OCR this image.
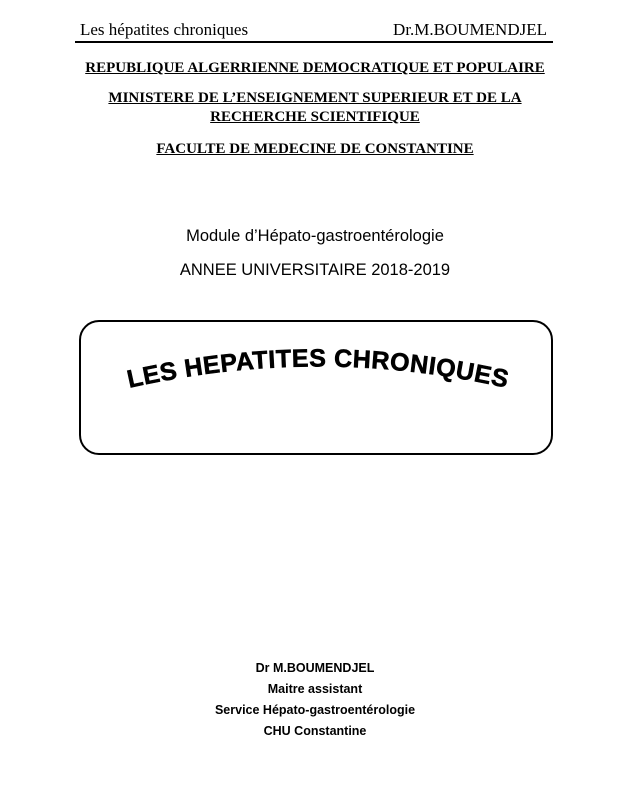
Les hépatites chroniques	Dr.M.BOUMENDJEL
REPUBLIQUE ALGERRIENNE DEMOCRATIQUE ET POPULAIRE
MINISTERE DE L’ENSEIGNEMENT SUPERIEUR ET DE LA
RECHERCHE SCIENTIFIQUE
FACULTE DE MEDECINE DE CONSTANTINE
Module d’Hépato-gastroentérologie
ANNEE UNIVERSITAIRE 2018-2019
LES HEPATITES CHRONIQUES
Dr M.BOUMENDJEL
Maitre assistant
Service Hépato-gastroentérologie
CHU Constantine
